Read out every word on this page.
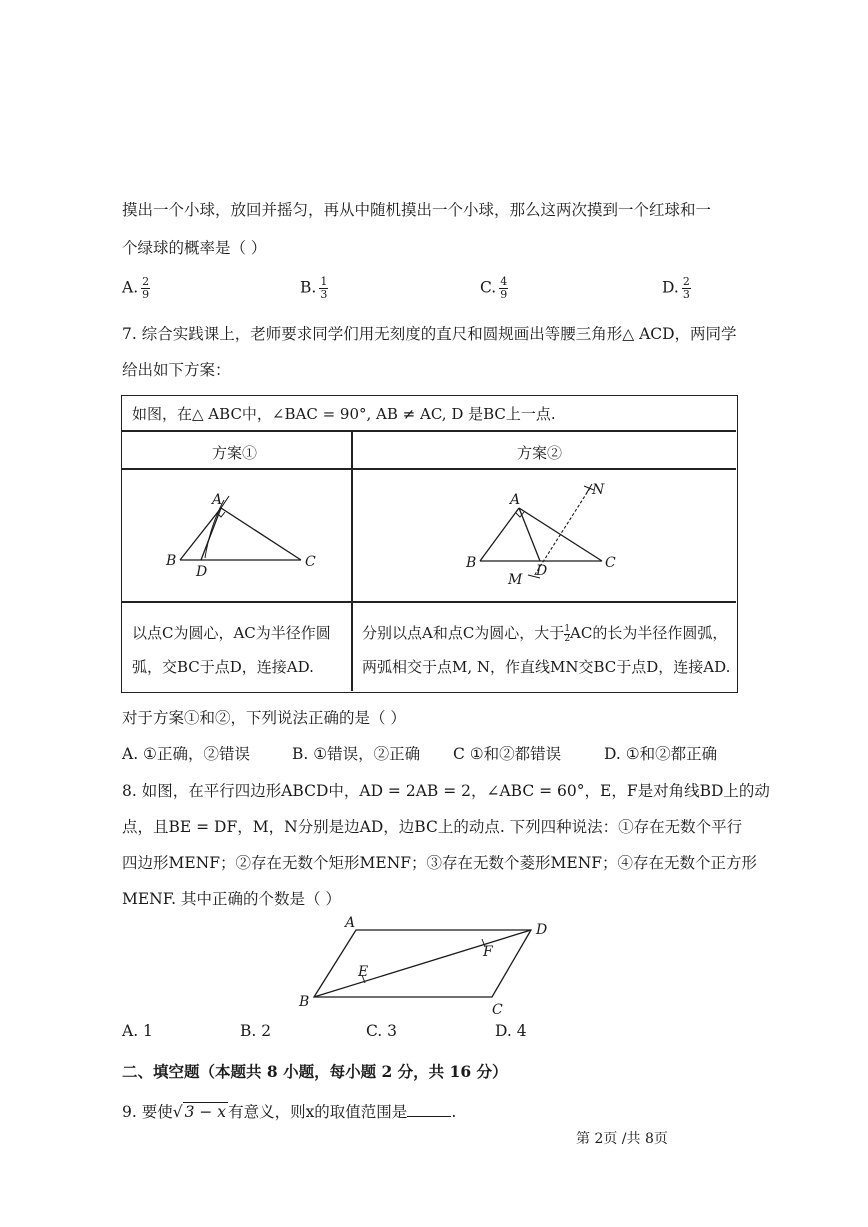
摸出一个小球，放回并摇匀，再从中随机摸出一个小球，那么这两次摸到一个红球和一
个绿球的概率是（ ）
A. $\frac{2}{9}$	B. $\frac{1}{3}$	C. $\frac{4}{9}$	D. $\frac{2}{3}$
7. 综合实践课上，老师要求同学们用无刻度的直尺和圆规画出等腰三角形△ ACD，两同学
给出如下方案：
如图，在△ ABC中，∠BAC = 90°, AB ≠ AC, D 是BC上一点.
方案①	方案②
A
B	C
D
A
B	C
D
M
N
以点C为圆心，AC为半径作圆
弧，交BC于点D，连接AD.
分别以点A和点C为圆心，大于 $\frac{1}{2}$ AC的长为半径作圆弧，
两弧相交于点M, N，作直线MN交BC于点D，连接AD.
对于方案①和②，下列说法正确的是（ ）
A. ①正确，②错误	B. ①错误，②正确 C ①和②都错误	D. ①和②都正确
8. 如图，在平行四边形ABCD中，AD = 2AB = 2，∠ABC = 60°，E，F是对角线BD上的动
点，且BE = DF，M，N分别是边AD，边BC上的动点. 下列四种说法：①存在无数个平行
四边形MENF；②存在无数个矩形MENF；③存在无数个菱形MENF；④存在无数个正方形
MENF. 其中正确的个数是（ ）
A
B	C
D
E
F
A. 1	B. 2	C. 3	D. 4
二、填空题（本题共 8 小题，每小题 2 分，共 16 分）
9. 要使√ 3 − x 有意义，则x的取值范围是	.
第 2页 /共 8页
